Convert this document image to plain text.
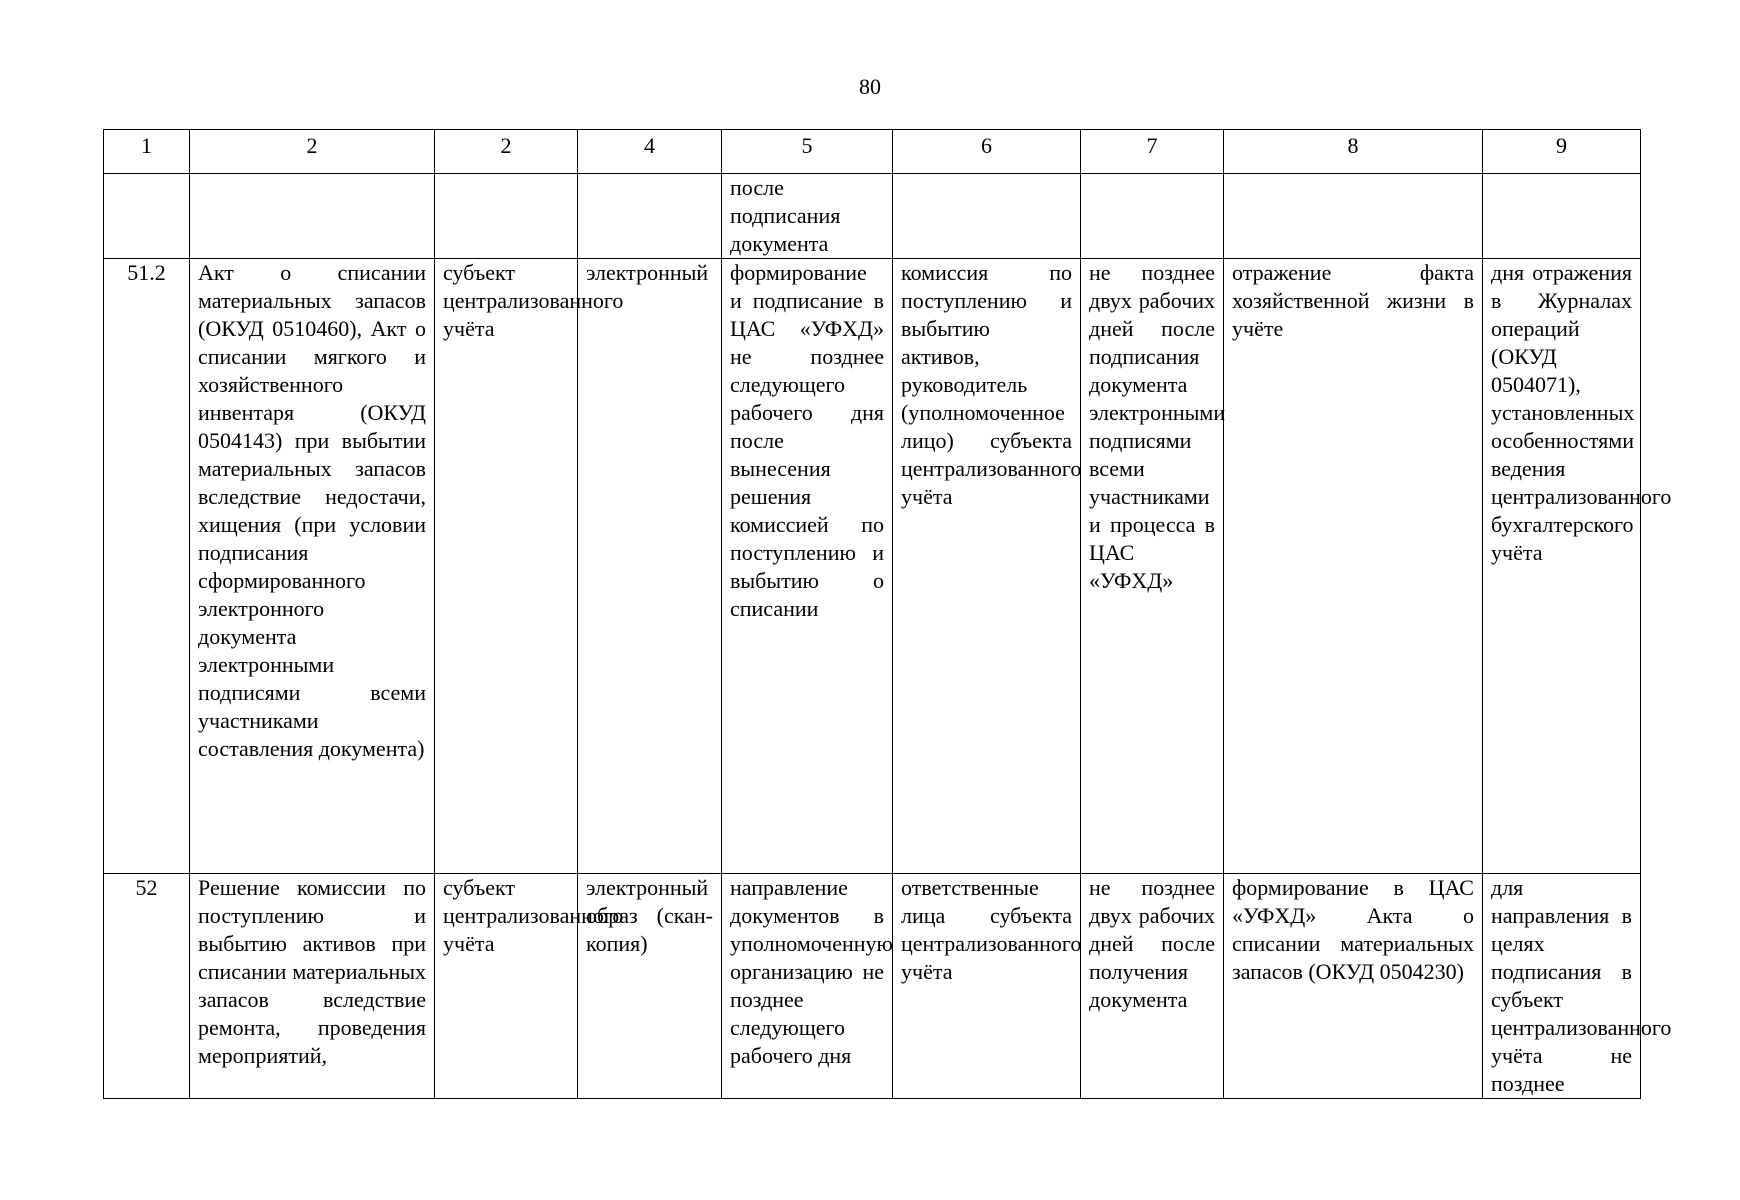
80
1	2	2	4	5	6	7	8	9
				после подписания документа				
51.2	Акт о списании материальных запасов (ОКУД 0510460), Акт о списании мягкого и хозяйственного инвентаря (ОКУД 0504143) при выбытии материальных запасов вследствие недостачи, хищения (при условии подписания сформированного электронного документа электронными подписями всеми участниками составления документа)	субъект централизованного учёта	электронный	формирование и подписание в ЦАС «УФХД» не позднее следующего рабочего дня после вынесения решения комиссией по поступлению и выбытию о списании	комиссия по поступлению и выбытию активов, руководитель (уполномоченное лицо) субъекта централизованного учёта	не позднее двух рабочих дней после подписания документа электронными подписями всеми участниками и процесса в ЦАС «УФХД»	отражение факта хозяйственной жизни в учёте	дня отражения в Журналах операций (ОКУД 0504071), установленных особенностями ведения централизованного бухгалтерского учёта
52	Решение комиссии по поступлению и выбытию активов при списании материальных запасов вследствие ремонта, проведения мероприятий,	субъект централизованного учёта	электронный образ (скан-копия)	направление документов в уполномоченную организацию не позднее следующего рабочего дня	ответственные лица субъекта централизованного учёта	не позднее двух рабочих дней после получения документа	формирование в ЦАС «УФХД» Акта о списании материальных запасов (ОКУД 0504230)	для направления в целях подписания в субъект централизованного учёта не позднее
